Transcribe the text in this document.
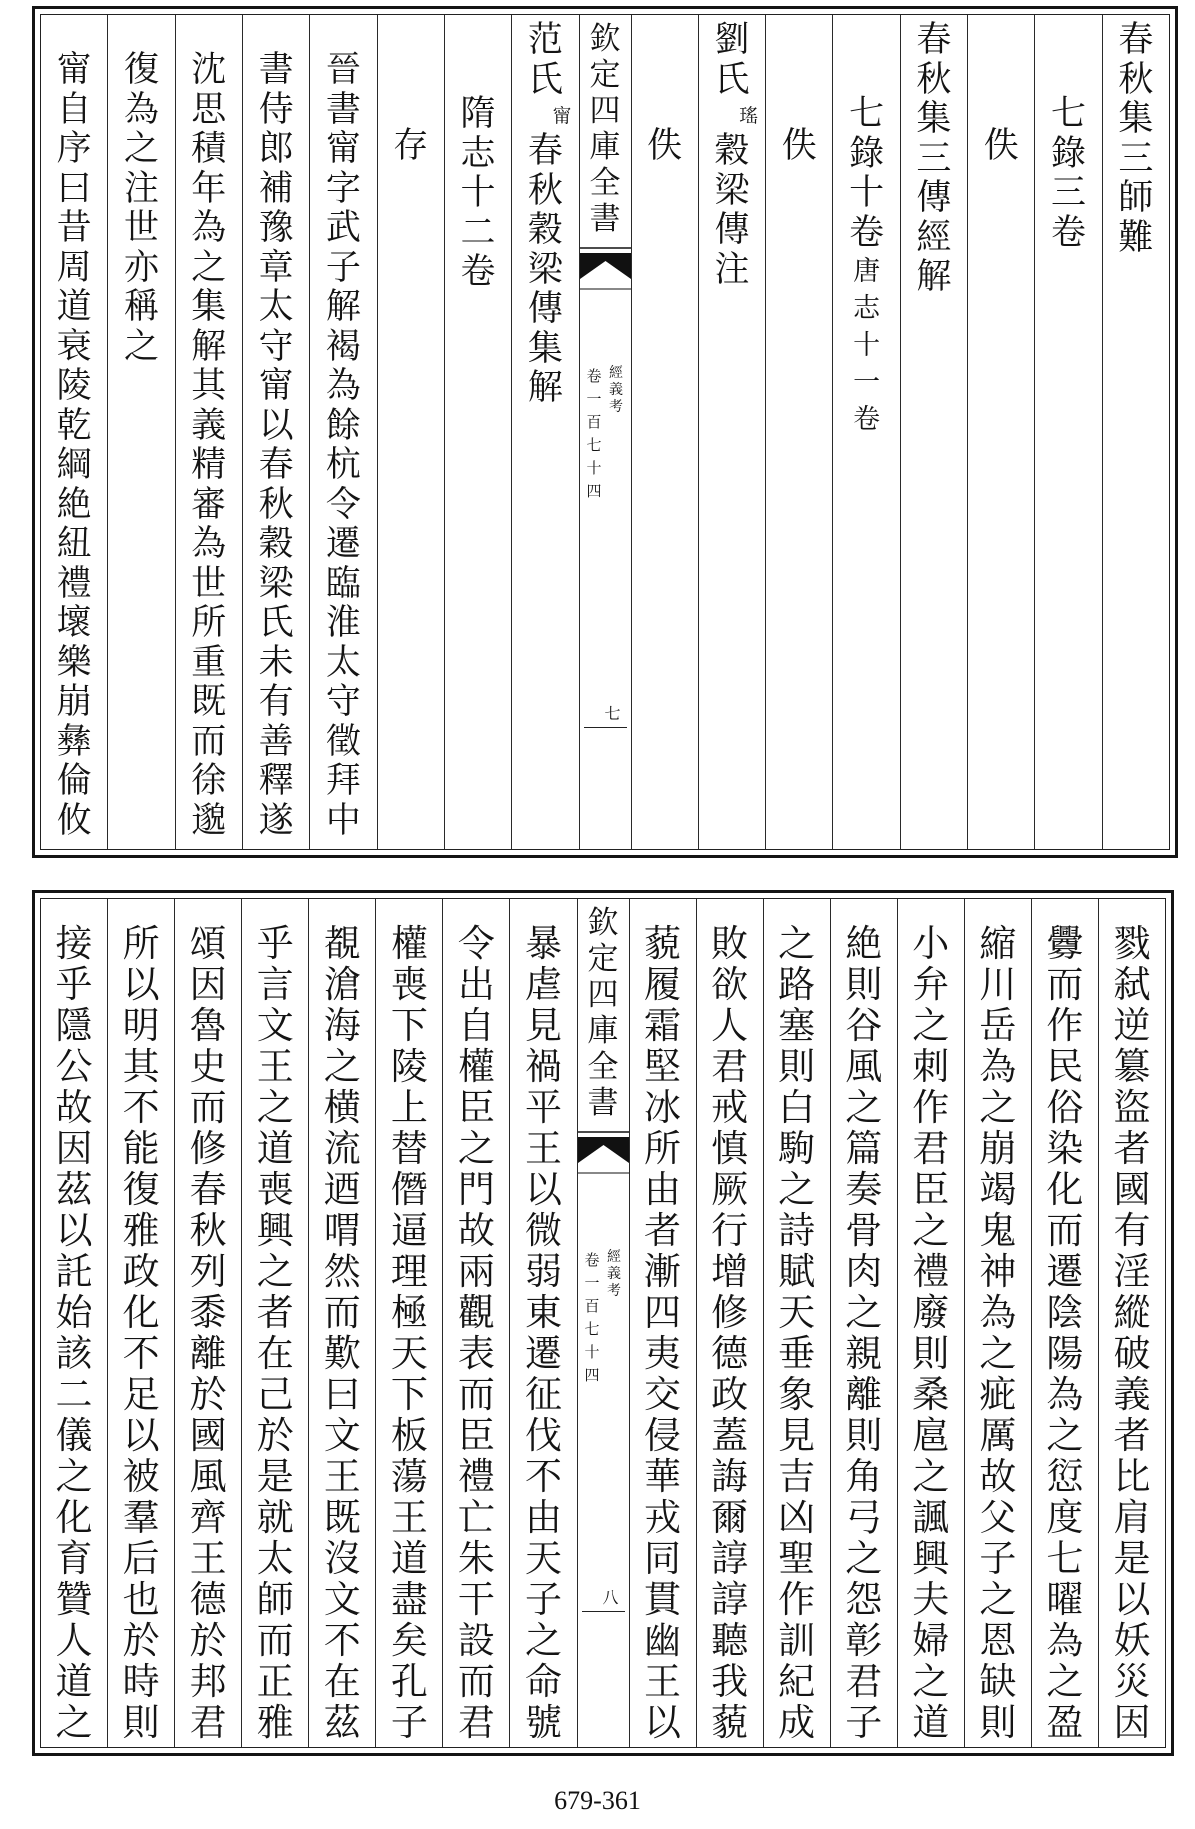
春
秋
集
三
師
難
七
錄
三
卷
佚
春
秋
集
三
傳
經
解
七
錄
十
卷
唐
志
十
一
卷
佚
劉
氏
瑤
穀
梁
傳
注
佚
欽
定
四
庫
全
書
經
義
考
卷
一
百
七
十
四
七
范
氏
甯
春
秋
穀
梁
傳
集
解
隋
志
十
二
卷
存
晉
書
甯
字
武
子
解
褐
為
餘
杭
令
遷
臨
淮
太
守
徵
拜
中
書
侍
郎
補
豫
章
太
守
甯
以
春
秋
穀
梁
氏
未
有
善
釋
遂
沈
思
積
年
為
之
集
解
其
義
精
審
為
世
所
重
既
而
徐
邈
復
為
之
注
世
亦
稱
之
甯
自
序
曰
昔
周
道
衰
陵
乾
綱
絶
紐
禮
壞
樂
崩
彝
倫
攸
戮
弑
逆
簒
盜
者
國
有
淫
縱
破
義
者
比
肩
是
以
妖
災
因
釁
而
作
民
俗
染
化
而
遷
陰
陽
為
之
愆
度
七
曜
為
之
盈
縮
川
岳
為
之
崩
竭
鬼
神
為
之
疵
厲
故
父
子
之
恩
缺
則
小
弁
之
刺
作
君
臣
之
禮
廢
則
桑
扈
之
諷
興
夫
婦
之
道
絶
則
谷
風
之
篇
奏
骨
肉
之
親
離
則
角
弓
之
怨
彰
君
子
之
路
塞
則
白
駒
之
詩
賦
天
垂
象
見
吉
凶
聖
作
訓
紀
成
敗
欲
人
君
戒
慎
厥
行
增
修
德
政
蓋
誨
爾
諄
諄
聽
我
藐
藐
履
霜
堅
冰
所
由
者
漸
四
夷
交
侵
華
戎
同
貫
幽
王
以
欽
定
四
庫
全
書
經
義
考
卷
一
百
七
十
四
八
暴
虐
見
禍
平
王
以
微
弱
東
遷
征
伐
不
由
天
子
之
命
號
令
出
自
權
臣
之
門
故
兩
觀
表
而
臣
禮
亡
朱
干
設
而
君
權
喪
下
陵
上
替
僭
逼
理
極
天
下
板
蕩
王
道
盡
矣
孔
子
覩
滄
海
之
横
流
迺
喟
然
而
歎
曰
文
王
既
沒
文
不
在
茲
乎
言
文
王
之
道
喪
興
之
者
在
己
於
是
就
太
師
而
正
雅
頌
因
魯
史
而
修
春
秋
列
黍
離
於
國
風
齊
王
德
於
邦
君
所
以
明
其
不
能
復
雅
政
化
不
足
以
被
羣
后
也
於
時
則
接
乎
隱
公
故
因
茲
以
託
始
該
二
儀
之
化
育
贊
人
道
之
679-361
